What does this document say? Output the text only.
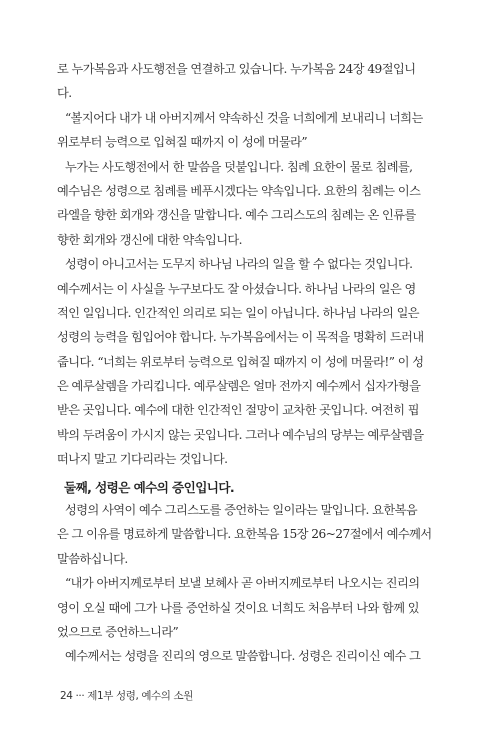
로 누가복음과 사도행전을 연결하고 있습니다. 누가복음 24장 49절입니
다.
“볼지어다 내가 내 아버지께서 약속하신 것을 너희에게 보내리니 너희는
위로부터 능력으로 입혀질 때까지 이 성에 머물라”
누가는 사도행전에서 한 말씀을 덧붙입니다. 침례 요한이 물로 침례를,
예수님은 성령으로 침례를 베푸시겠다는 약속입니다. 요한의 침례는 이스
라엘을 향한 회개와 갱신을 말합니다. 예수 그리스도의 침례는 온 인류를
향한 회개와 갱신에 대한 약속입니다.
성령이 아니고서는 도무지 하나님 나라의 일을 할 수 없다는 것입니다.
예수께서는 이 사실을 누구보다도 잘 아셨습니다. 하나님 나라의 일은 영
적인 일입니다. 인간적인 의리로 되는 일이 아닙니다. 하나님 나라의 일은
성령의 능력을 힘입어야 합니다. 누가복음에서는 이 목적을 명확히 드러내
줍니다. “너희는 위로부터 능력으로 입혀질 때까지 이 성에 머물라!” 이 성
은 예루살렘을 가리킵니다. 예루살렘은 얼마 전까지 예수께서 십자가형을
받은 곳입니다. 예수에 대한 인간적인 절망이 교차한 곳입니다. 여전히 핍
박의 두려움이 가시지 않는 곳입니다. 그러나 예수님의 당부는 예루살렘을
떠나지 말고 기다리라는 것입니다.
둘째, 성령은 예수의 증인입니다.
성령의 사역이 예수 그리스도를 증언하는 일이라는 말입니다. 요한복음
은 그 이유를 명료하게 말씀합니다. 요한복음 15장 26~27절에서 예수께서
말씀하십니다.
“내가 아버지께로부터 보낼 보혜사 곧 아버지께로부터 나오시는 진리의
영이 오실 때에 그가 나를 증언하실 것이요 너희도 처음부터 나와 함께 있
었으므로 증언하느니라”
예수께서는 성령을 진리의 영으로 말씀합니다. 성령은 진리이신 예수 그
24 ··· 제1부 성령, 예수의 소원
